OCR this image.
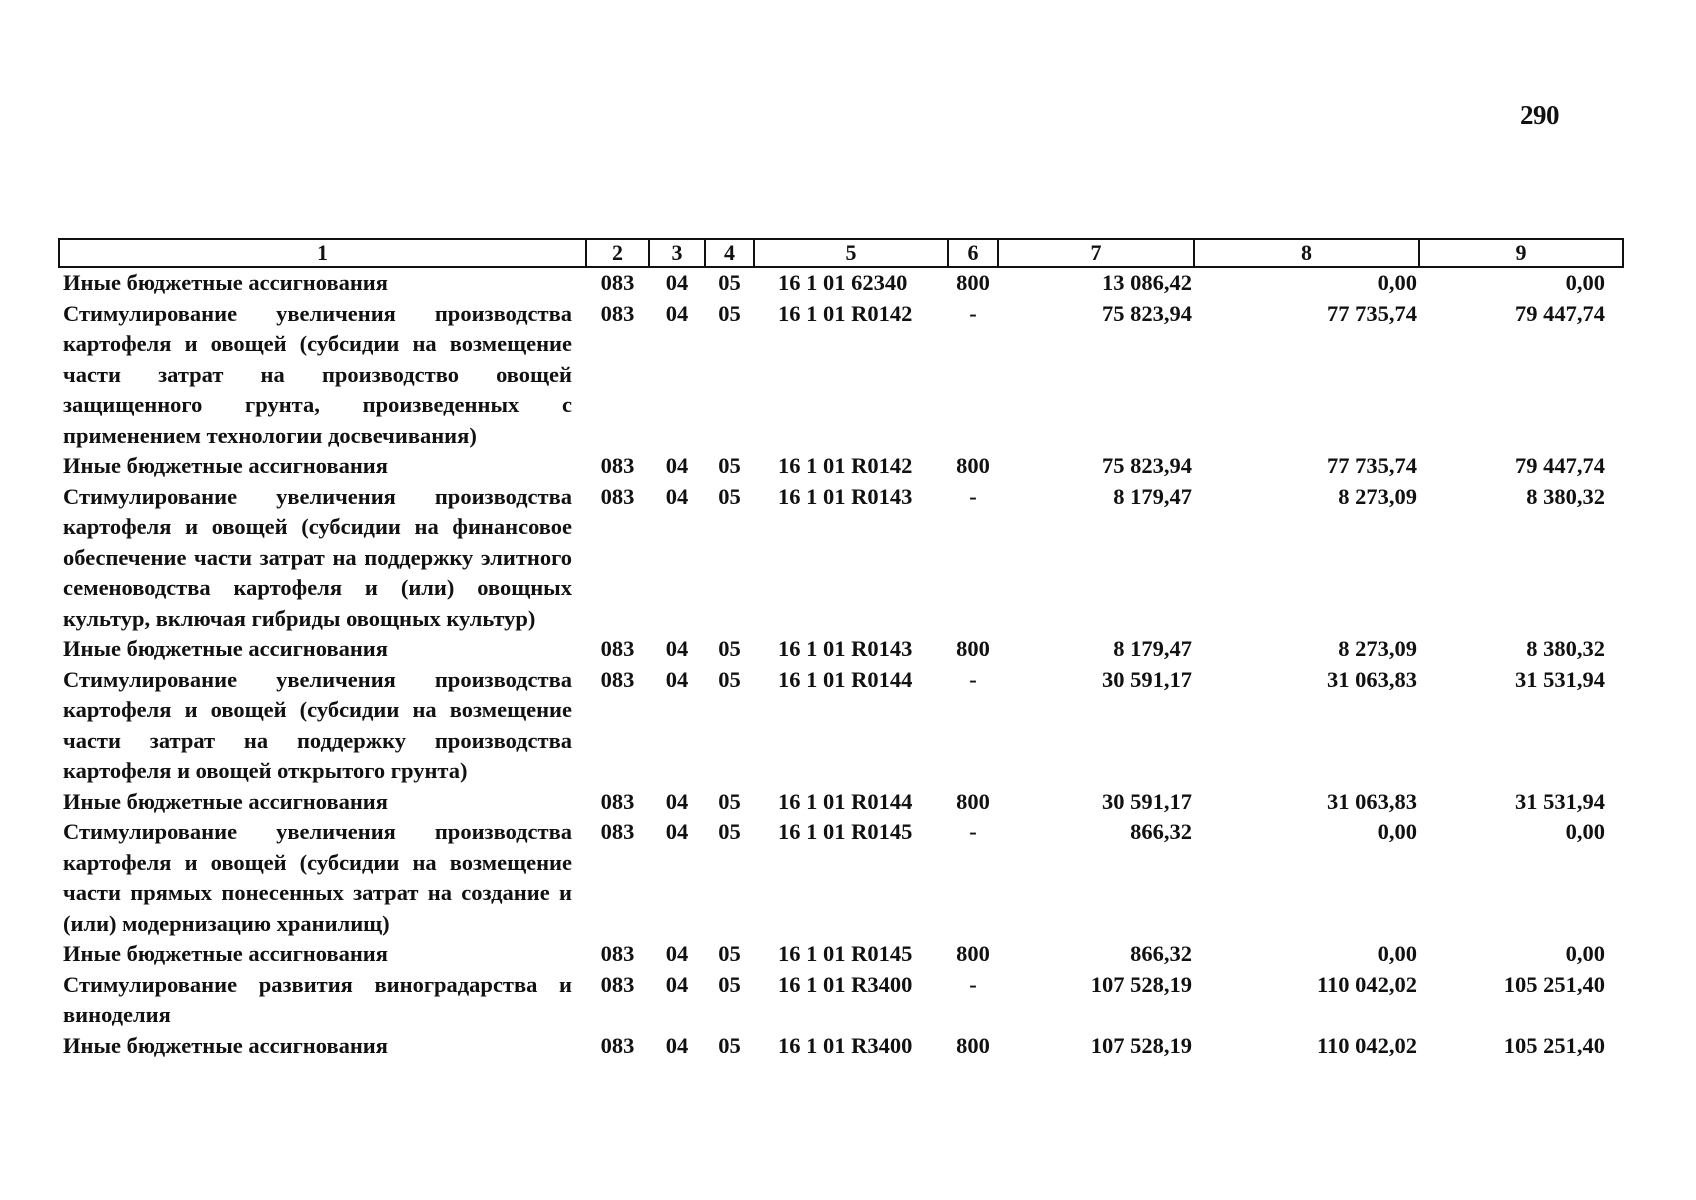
290
1	2	3	4	5	6	7	8	9
Иные бюджетные ассигнования	083	04	05	16 1 01 62340	800	13 086,42	0,00	0,00
Стимулирование увеличения производства картофеля и овощей (субсидии на возмещение части затрат на производство овощей защищенного грунта, произведенных с применением технологии досвечивания)	083	04	05	16 1 01 R0142	-	75 823,94	77 735,74	79 447,74
Иные бюджетные ассигнования	083	04	05	16 1 01 R0142	800	75 823,94	77 735,74	79 447,74
Стимулирование увеличения производства картофеля и овощей (субсидии на финансовое обеспечение части затрат на поддержку элитного семеноводства картофеля и (или) овощных культур, включая гибриды овощных культур)	083	04	05	16 1 01 R0143	-	8 179,47	8 273,09	8 380,32
Иные бюджетные ассигнования	083	04	05	16 1 01 R0143	800	8 179,47	8 273,09	8 380,32
Стимулирование увеличения производства картофеля и овощей (субсидии на возмещение части затрат на поддержку производства картофеля и овощей открытого грунта)	083	04	05	16 1 01 R0144	-	30 591,17	31 063,83	31 531,94
Иные бюджетные ассигнования	083	04	05	16 1 01 R0144	800	30 591,17	31 063,83	31 531,94
Стимулирование увеличения производства картофеля и овощей (субсидии на возмещение части прямых понесенных затрат на создание и (или) модернизацию хранилищ)	083	04	05	16 1 01 R0145	-	866,32	0,00	0,00
Иные бюджетные ассигнования	083	04	05	16 1 01 R0145	800	866,32	0,00	0,00
Стимулирование развития виноградарства и виноделия	083	04	05	16 1 01 R3400	-	107 528,19	110 042,02	105 251,40
Иные бюджетные ассигнования	083	04	05	16 1 01 R3400	800	107 528,19	110 042,02	105 251,40
